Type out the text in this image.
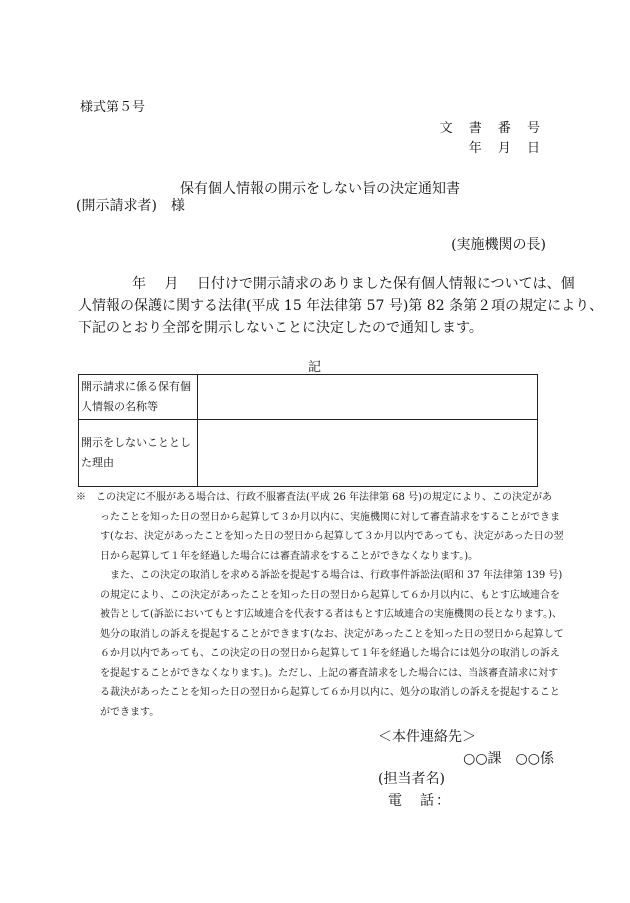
様式第５号
文 書 番 号
年 月 日
保有個人情報の開示をしない旨の決定通知書
(開示請求者)　様
(実施機関の長)
年　 月　 日付けで開示請求のありました保有個人情報については、個
人情報の保護に関する法律(平成 15 年法律第 57 号)第 82 条第２項の規定により、
下記のとおり全部を開示しないことに決定したので通知します。
記
開示請求に係る保有個
人情報の名称等	
開示をしないこととし
た理由	
※　この決定に不服がある場合は、行政不服審査法(平成 26 年法律第 68 号)の規定により、この決定があ
ったことを知った日の翌日から起算して３か月以内に、実施機関に対して審査請求をすることができま
す(なお、決定があったことを知った日の翌日から起算して３か月以内であっても、決定があった日の翌
日から起算して１年を経過した場合には審査請求をすることができなくなります。)。
また、この決定の取消しを求める訴訟を提起する場合は、行政事件訴訟法(昭和 37 年法律第 139 号)
の規定により、この決定があったことを知った日の翌日から起算して６か月以内に、もとす広域連合を
被告として(訴訟においてもとす広域連合を代表する者はもとす広域連合の実施機関の長となります。)、
処分の取消しの訴えを提起することができます(なお、決定があったことを知った日の翌日から起算して
６か月以内であっても、この決定の日の翌日から起算して１年を経過した場合には処分の取消しの訴え
を提起することができなくなります。)。ただし、上記の審査請求をした場合には、当該審査請求に対す
る裁決があったことを知った日の翌日から起算して６か月以内に、処分の取消しの訴えを提起すること
ができます。
＜本件連絡先＞
○○課　○○係
(担当者名)
電　話：
